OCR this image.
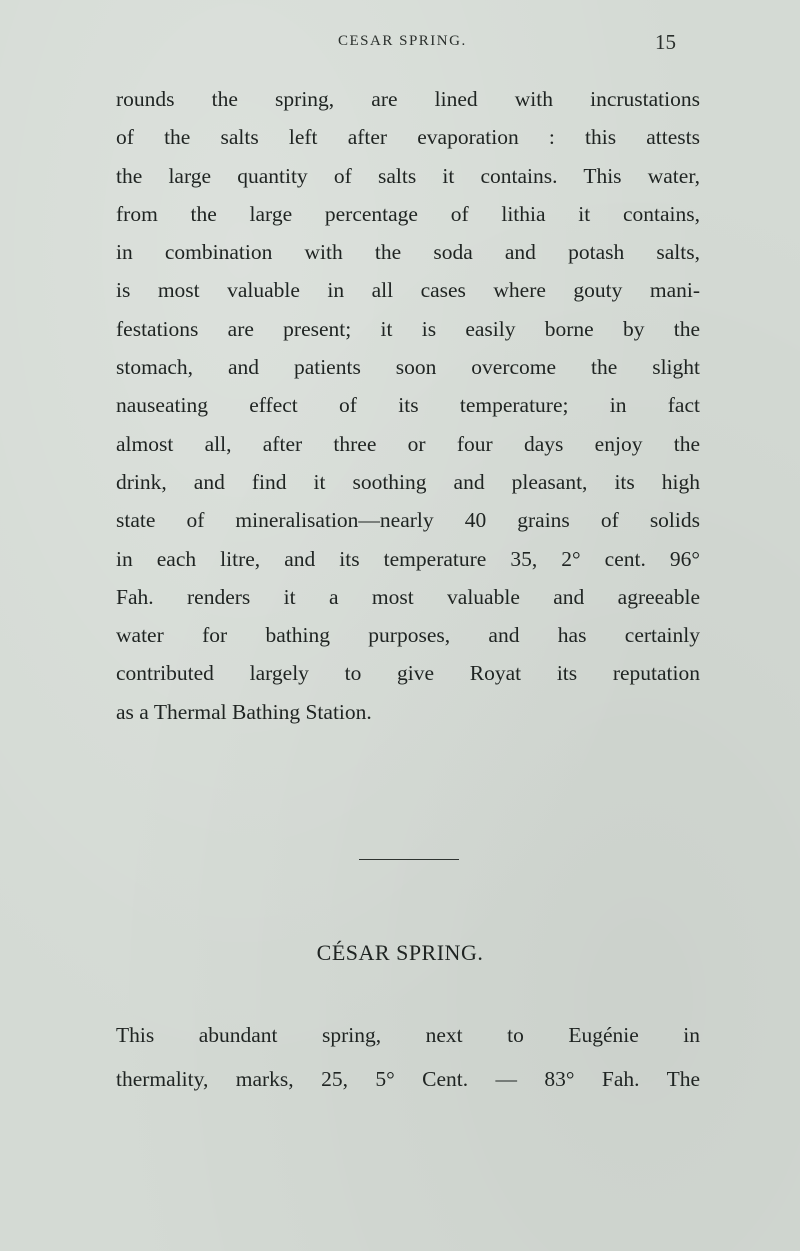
CESAR SPRING.	15
rounds the spring, are lined with incrustations
of the salts left after evaporation : this attests
the large quantity of salts it contains. This water,
from the large percentage of lithia it contains,
in combination with the soda and potash salts,
is most valuable in all cases where gouty mani-
festations are present; it is easily borne by the
stomach, and patients soon overcome the slight
nauseating effect of its temperature; in fact
almost all, after three or four days enjoy the
drink, and find it soothing and pleasant, its high
state of mineralisation—nearly 40 grains of solids
in each litre, and its temperature 35, 2° cent. 96°
Fah. renders it a most valuable and agreeable
water for bathing purposes, and has certainly
contributed largely to give Royat its reputation
as a Thermal Bathing Station.
CÉSAR SPRING.
This abundant spring, next to Eugénie in
thermality, marks, 25, 5° Cent. — 83° Fah. The
